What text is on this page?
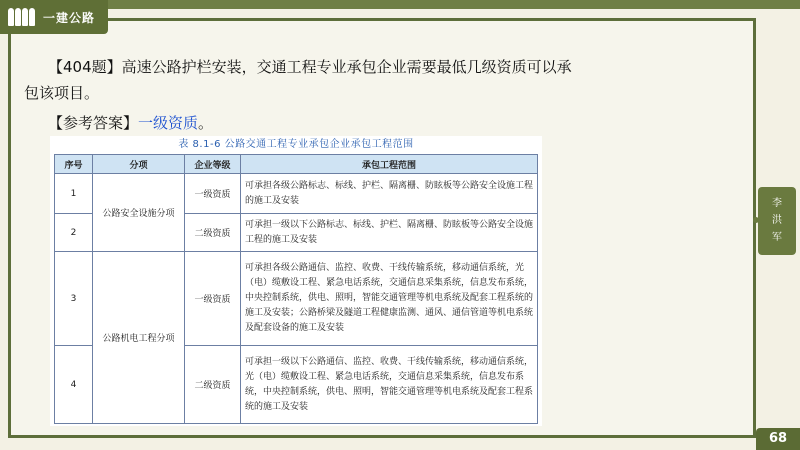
一建公路
【404题】高速公路护栏安装，交通工程专业承包企业需要最低几级资质可以承
包该项目。
【参考答案】一级资质。
表 8.1-6 公路交通工程专业承包企业承包工程范围
序号	分项	企业等级	承包工程范围
1	公路安全设施分项	一级资质	可承担各级公路标志、标线、护栏、隔离栅、防眩板等公路安全设施工程的施工及安装
2		二级资质	可承担一级以下公路标志、标线、护栏、隔离栅、防眩板等公路安全设施工程的施工及安装
3	公路机电工程分项	一级资质	可承担各级公路通信、监控、收费、干线传输系统，移动通信系统，光（电）缆敷设工程、紧急电话系统，交通信息采集系统，信息发布系统，中央控制系统，供电、照明，智能交通管理等机电系统及配套工程系统的施工及安装；公路桥梁及隧道工程健康监测、通风、通信管道等机电系统及配套设备的施工及安装
4		二级资质	可承担一级以下公路通信、监控、收费、干线传输系统，移动通信系统，光（电）缆敷设工程、紧急电话系统，交通信息采集系统，信息发布系统，中央控制系统，供电、照明，智能交通管理等机电系统及配套工程系统的施工及安装
李
洪
军
68
